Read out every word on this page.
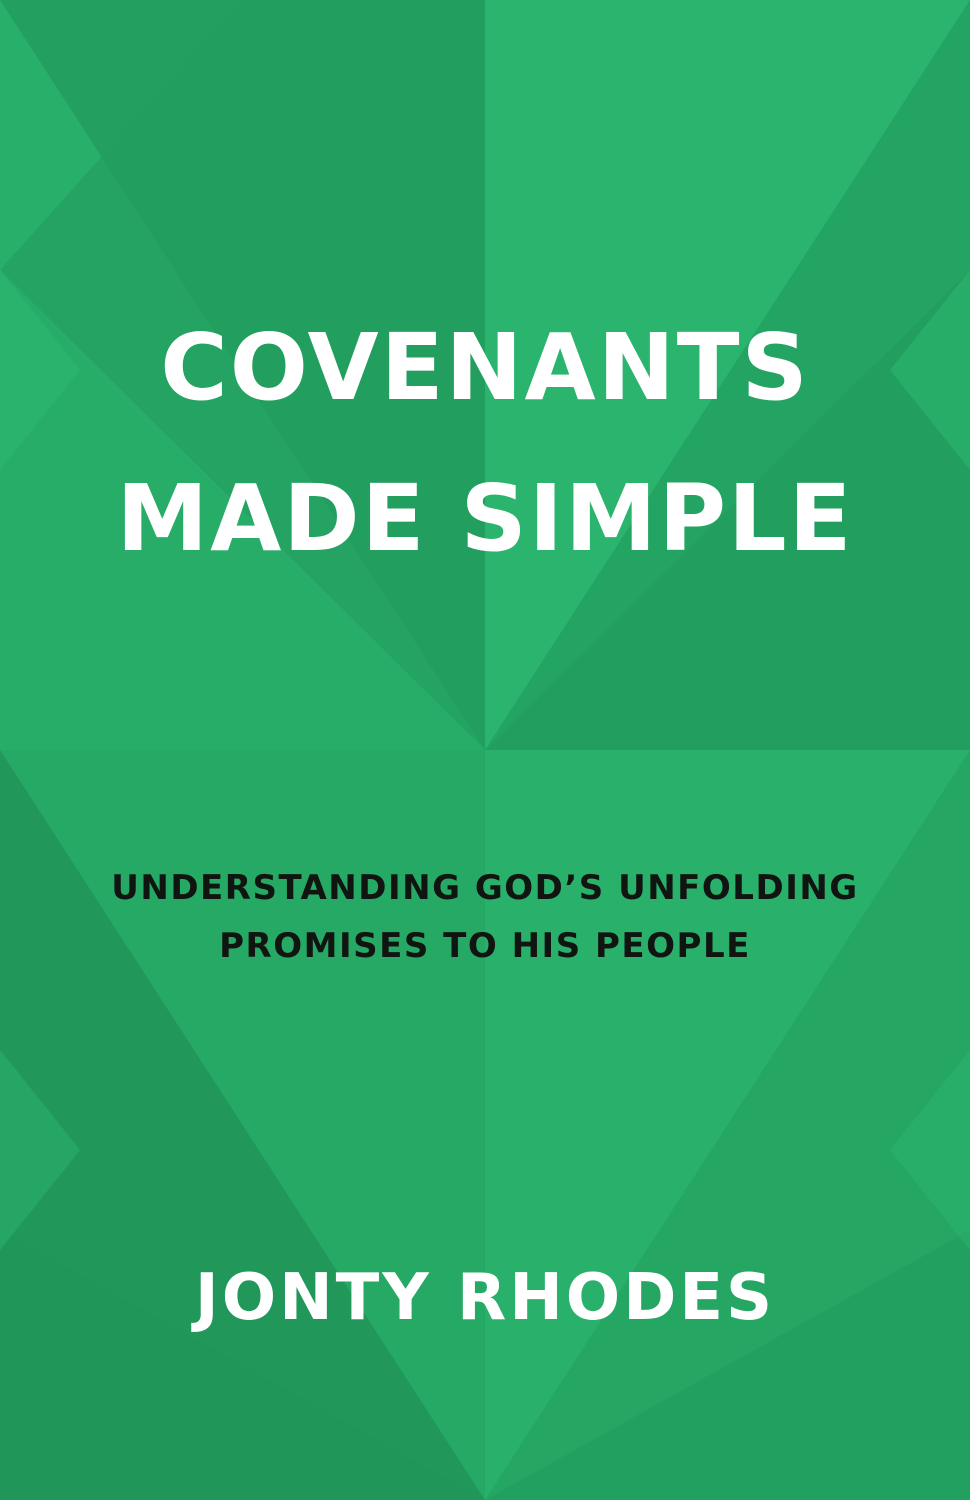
COVENANTS
MADE SIMPLE
UNDERSTANDING GOD’S UNFOLDING
PROMISES TO HIS PEOPLE
JONTY RHODES
